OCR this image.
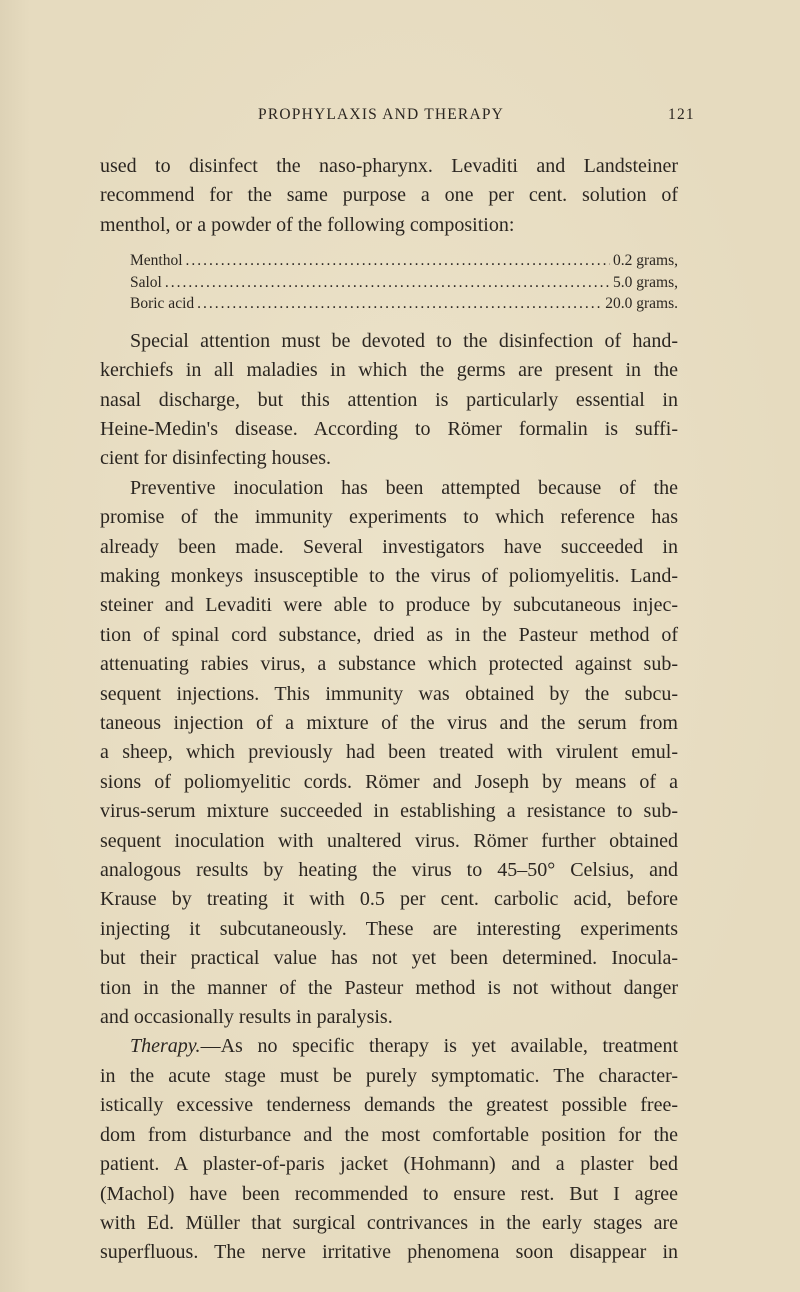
PROPHYLAXIS AND THERAPY	121
used to disinfect the naso-pharynx. Levaditi and Landsteiner
recommend for the same purpose a one per cent. solution of
menthol, or a powder of the following composition:
Menthol .....	0.2 grams,
Salol .....	5.0 grams,
Boric acid .....	20.0 grams.
Special attention must be devoted to the disinfection of hand-
kerchiefs in all maladies in which the germs are present in the
nasal discharge, but this attention is particularly essential in
Heine-Medin's disease. According to Römer formalin is suffi-
cient for disinfecting houses.
Preventive inoculation has been attempted because of the
promise of the immunity experiments to which reference has
already been made. Several investigators have succeeded in
making monkeys insusceptible to the virus of poliomyelitis. Land-
steiner and Levaditi were able to produce by subcutaneous injec-
tion of spinal cord substance, dried as in the Pasteur method of
attenuating rabies virus, a substance which protected against sub-
sequent injections. This immunity was obtained by the subcu-
taneous injection of a mixture of the virus and the serum from
a sheep, which previously had been treated with virulent emul-
sions of poliomyelitic cords. Römer and Joseph by means of a
virus-serum mixture succeeded in establishing a resistance to sub-
sequent inoculation with unaltered virus. Römer further obtained
analogous results by heating the virus to 45–50° Celsius, and
Krause by treating it with 0.5 per cent. carbolic acid, before
injecting it subcutaneously. These are interesting experiments
but their practical value has not yet been determined. Inocula-
tion in the manner of the Pasteur method is not without danger
and occasionally results in paralysis.
Therapy.—As no specific therapy is yet available, treatment
in the acute stage must be purely symptomatic. The character-
istically excessive tenderness demands the greatest possible free-
dom from disturbance and the most comfortable position for the
patient. A plaster-of-paris jacket (Hohmann) and a plaster bed
(Machol) have been recommended to ensure rest. But I agree
with Ed. Müller that surgical contrivances in the early stages are
superfluous. The nerve irritative phenomena soon disappear in
